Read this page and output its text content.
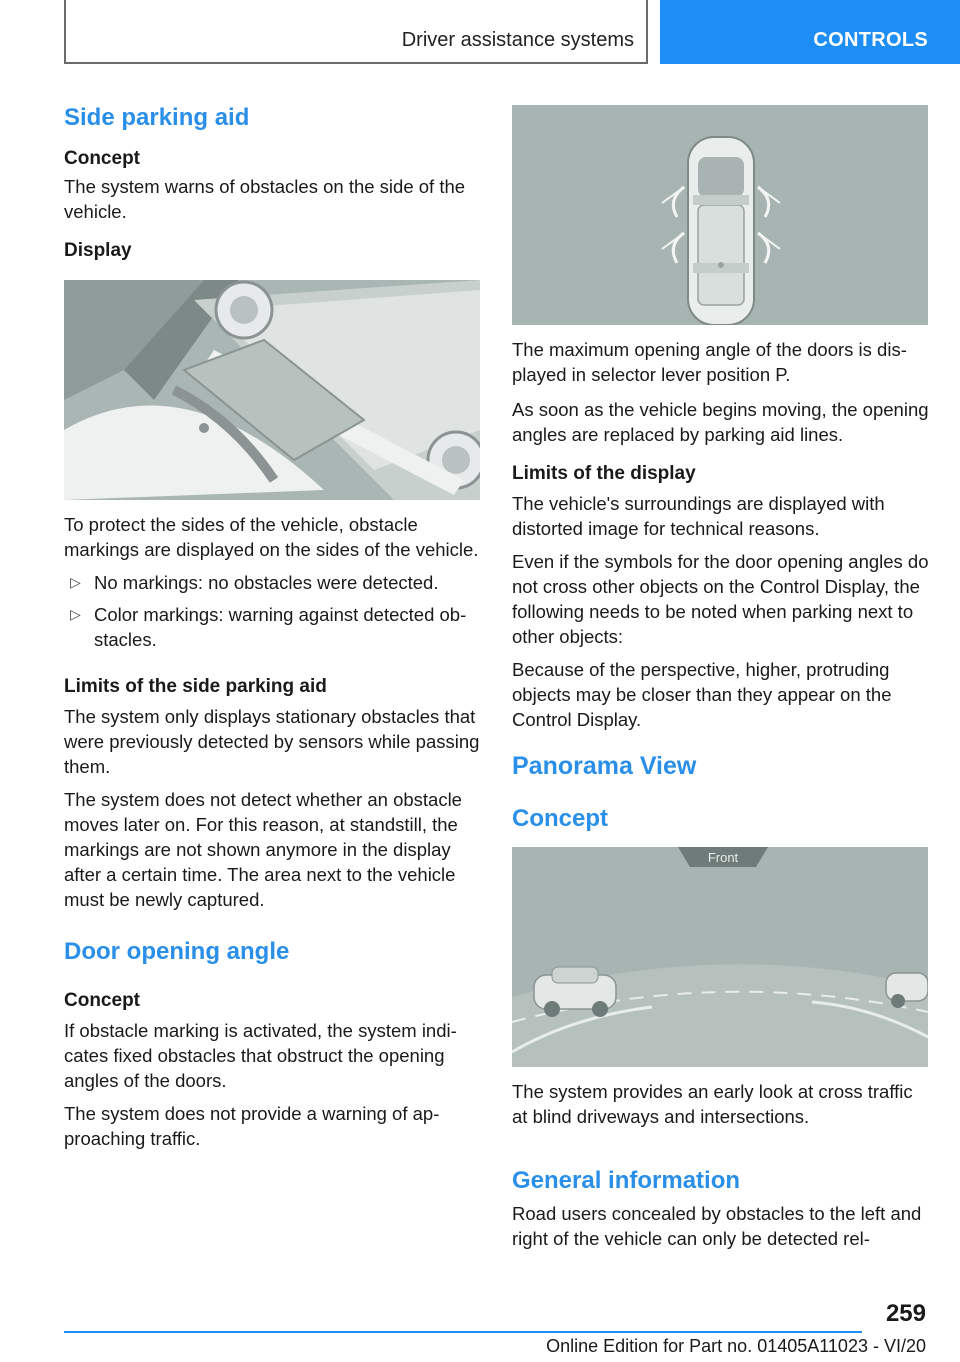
Driver assistance systems	CONTROLS
Side parking aid
Concept

The system warns of obstacles on the side of the vehicle.

Display

To protect the sides of the vehicle, obstacle markings are displayed on the sides of the vehicle.

▷ No markings: no obstacles were detected.
▷ Color markings: warning against detected obstacles.
Limits of the side parking aid

The system only displays stationary obstacles that were previously detected by sensors while passing them.

The system does not detect whether an obstacle moves later on. For this reason, at standstill, the markings are not shown anymore in the display after a certain time. The area next to the vehicle must be newly captured.

Door opening angle
Concept

If obstacle marking is activated, the system indicates fixed obstacles that obstruct the opening angles of the doors.

The system does not provide a warning of approaching traffic.

The maximum opening angle of the doors is displayed in selector lever position P.

As soon as the vehicle begins moving, the opening angles are replaced by parking aid lines.

Limits of the display

The vehicle's surroundings are displayed with distorted image for technical reasons.

Even if the symbols for the door opening angles do not cross other objects on the Control Display, the following needs to be noted when parking next to other objects:

Because of the perspective, higher, protruding objects may be closer than they appear on the Control Display.

Panorama View
Concept
Front

The system provides an early look at cross traffic at blind driveways and intersections.

General information

Road users concealed by obstacles to the left and right of the vehicle can only be detected rel-

259
Online Edition for Part no. 01405A11023 - VI/20
